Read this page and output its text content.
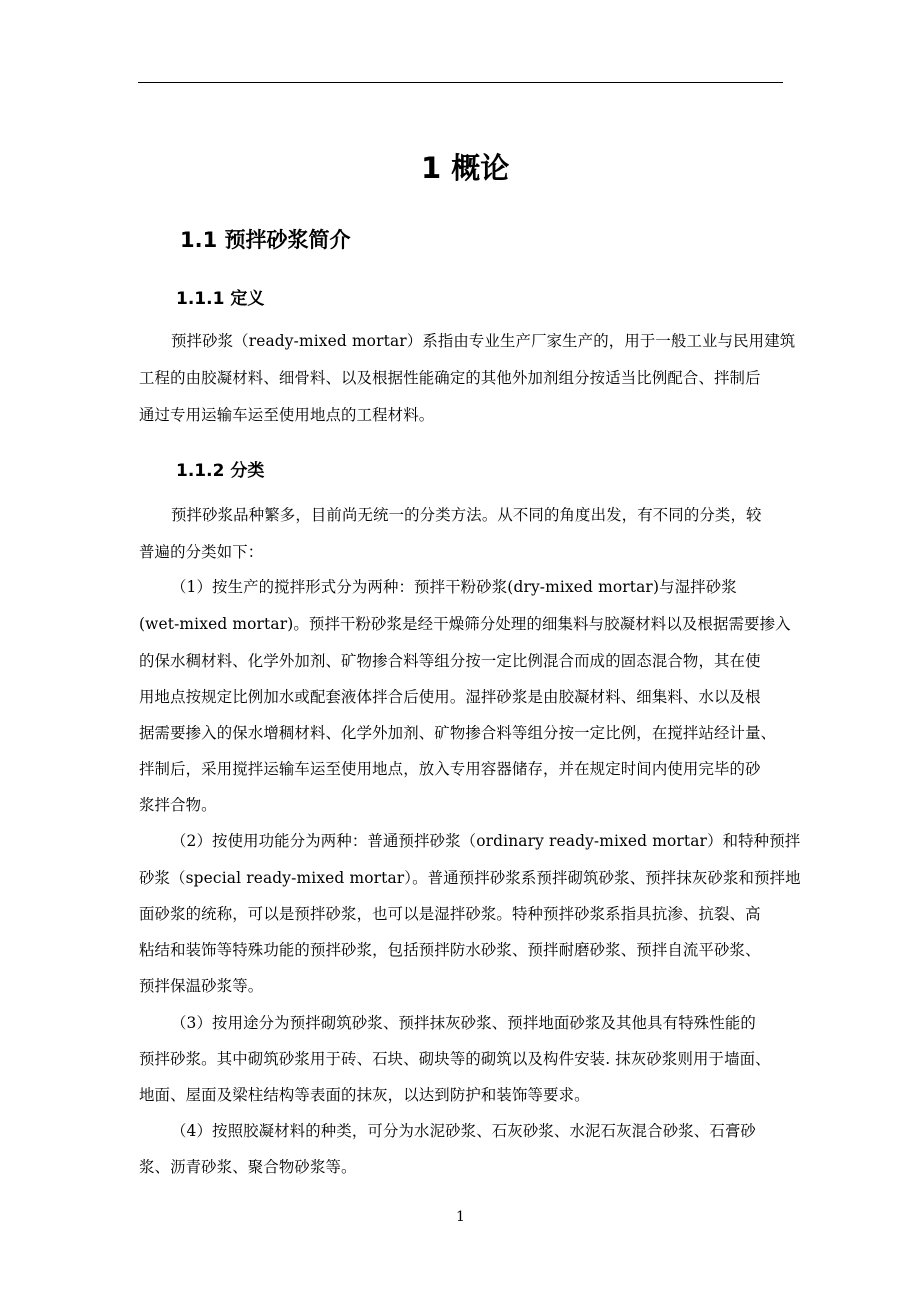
1 概论
1.1 预拌砂浆简介
1.1.1 定义
预拌砂浆（ready-mixed mortar）系指由专业生产厂家生产的，用于一般工业与民用建筑
工程的由胶凝材料、细骨料、以及根据性能确定的其他外加剂组分按适当比例配合、拌制后
通过专用运输车运至使用地点的工程材料。
1.1.2 分类
预拌砂浆品种繁多，目前尚无统一的分类方法。从不同的角度出发，有不同的分类，较
普遍的分类如下：
（1）按生产的搅拌形式分为两种：预拌干粉砂浆(dry-mixed mortar)与湿拌砂浆
(wet-mixed mortar)。预拌干粉砂浆是经干燥筛分处理的细集料与胶凝材料以及根据需要掺入
的保水稠材料、化学外加剂、矿物掺合料等组分按一定比例混合而成的固态混合物，其在使
用地点按规定比例加水或配套液体拌合后使用。湿拌砂浆是由胶凝材料、细集料、水以及根
据需要掺入的保水增稠材料、化学外加剂、矿物掺合料等组分按一定比例，在搅拌站经计量、
拌制后，采用搅拌运输车运至使用地点，放入专用容器储存，并在规定时间内使用完毕的砂
浆拌合物。
（2）按使用功能分为两种：普通预拌砂浆（ordinary ready-mixed mortar）和特种预拌
砂浆（special ready-mixed mortar）。普通预拌砂浆系预拌砌筑砂浆、预拌抹灰砂浆和预拌地
面砂浆的统称，可以是预拌砂浆，也可以是湿拌砂浆。特种预拌砂浆系指具抗渗、抗裂、高
粘结和装饰等特殊功能的预拌砂浆，包括预拌防水砂浆、预拌耐磨砂浆、预拌自流平砂浆、
预拌保温砂浆等。
（3）按用途分为预拌砌筑砂浆、预拌抹灰砂浆、预拌地面砂浆及其他具有特殊性能的
预拌砂浆。其中砌筑砂浆用于砖、石块、砌块等的砌筑以及构件安装. 抹灰砂浆则用于墙面、
地面、屋面及梁柱结构等表面的抹灰，以达到防护和装饰等要求。
（4）按照胶凝材料的种类，可分为水泥砂浆、石灰砂浆、水泥石灰混合砂浆、石膏砂
浆、沥青砂浆、聚合物砂浆等。
1
